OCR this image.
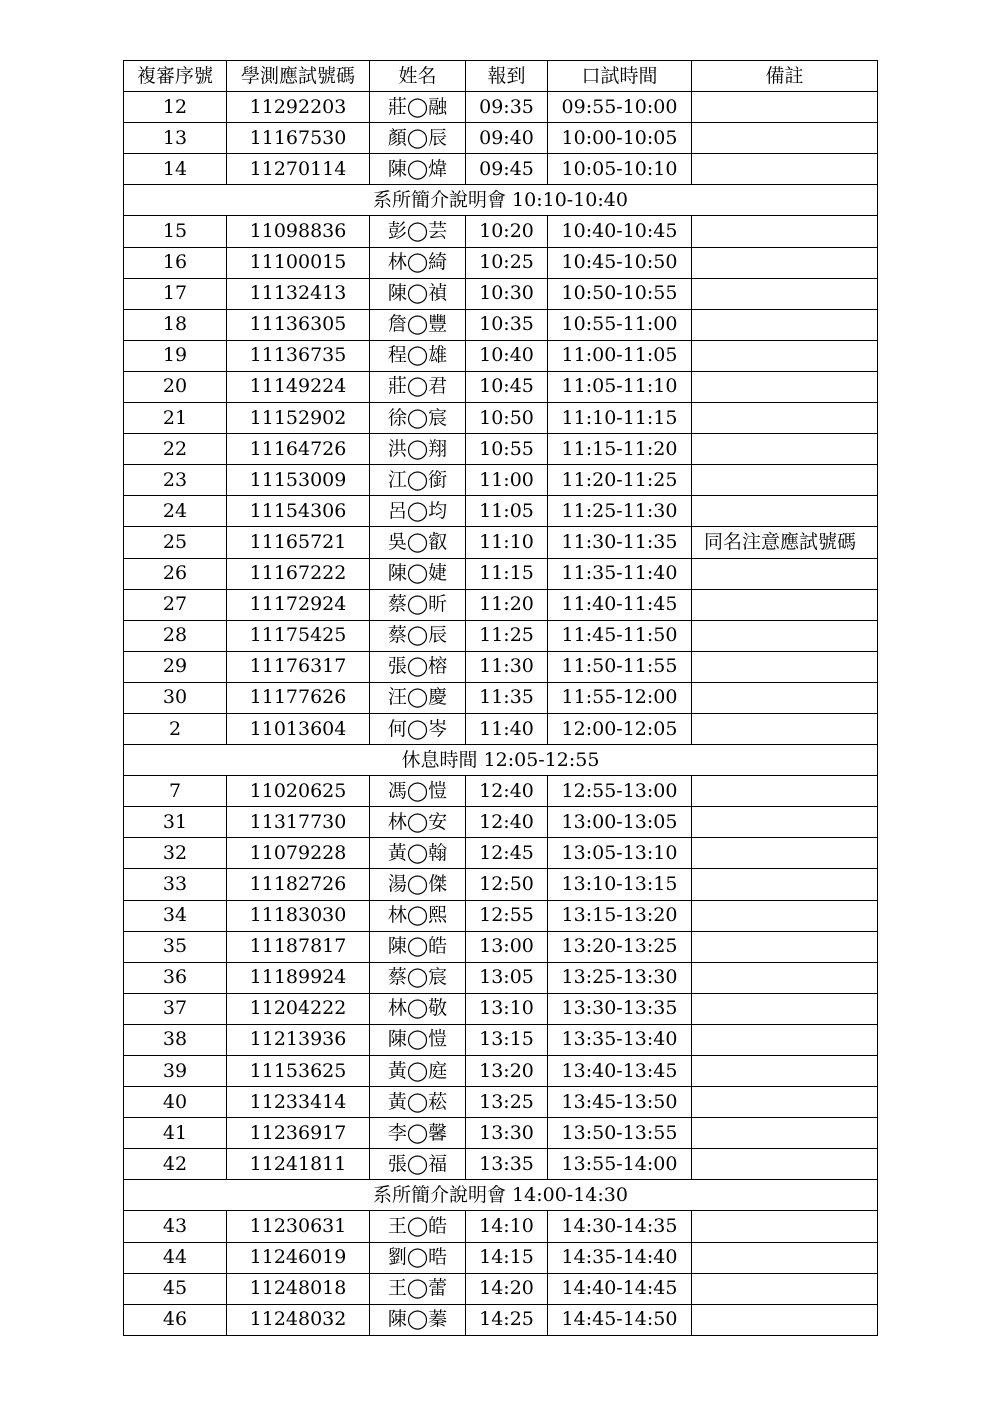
複審序號	學測應試號碼	姓名	報到	口試時間	備註
12	11292203	莊◯融	09:35	09:55-10:00	
13	11167530	顏◯辰	09:40	10:00-10:05	
14	11270114	陳◯煒	09:45	10:05-10:10	
系所簡介說明會 10:10-10:40					
15	11098836	彭◯芸	10:20	10:40-10:45	
16	11100015	林◯綺	10:25	10:45-10:50	
17	11132413	陳◯禎	10:30	10:50-10:55	
18	11136305	詹◯豐	10:35	10:55-11:00	
19	11136735	程◯雄	10:40	11:00-11:05	
20	11149224	莊◯君	10:45	11:05-11:10	
21	11152902	徐◯宸	10:50	11:10-11:15	
22	11164726	洪◯翔	10:55	11:15-11:20	
23	11153009	江◯銜	11:00	11:20-11:25	
24	11154306	呂◯均	11:05	11:25-11:30	
25	11165721	吳◯叡	11:10	11:30-11:35	同名注意應試號碼
26	11167222	陳◯婕	11:15	11:35-11:40	
27	11172924	蔡◯昕	11:20	11:40-11:45	
28	11175425	蔡◯辰	11:25	11:45-11:50	
29	11176317	張◯榕	11:30	11:50-11:55	
30	11177626	汪◯慶	11:35	11:55-12:00	
2	11013604	何◯岑	11:40	12:00-12:05	
休息時間 12:05-12:55					
7	11020625	馮◯愷	12:40	12:55-13:00	
31	11317730	林◯安	12:40	13:00-13:05	
32	11079228	黃◯翰	12:45	13:05-13:10	
33	11182726	湯◯傑	12:50	13:10-13:15	
34	11183030	林◯熙	12:55	13:15-13:20	
35	11187817	陳◯皓	13:00	13:20-13:25	
36	11189924	蔡◯宸	13:05	13:25-13:30	
37	11204222	林◯敬	13:10	13:30-13:35	
38	11213936	陳◯愷	13:15	13:35-13:40	
39	11153625	黃◯庭	13:20	13:40-13:45	
40	11233414	黃◯菘	13:25	13:45-13:50	
41	11236917	李◯馨	13:30	13:50-13:55	
42	11241811	張◯福	13:35	13:55-14:00	
系所簡介說明會 14:00-14:30					
43	11230631	王◯皓	14:10	14:30-14:35	
44	11246019	劉◯晧	14:15	14:35-14:40	
45	11248018	王◯蕾	14:20	14:40-14:45	
46	11248032	陳◯蓁	14:25	14:45-14:50	
